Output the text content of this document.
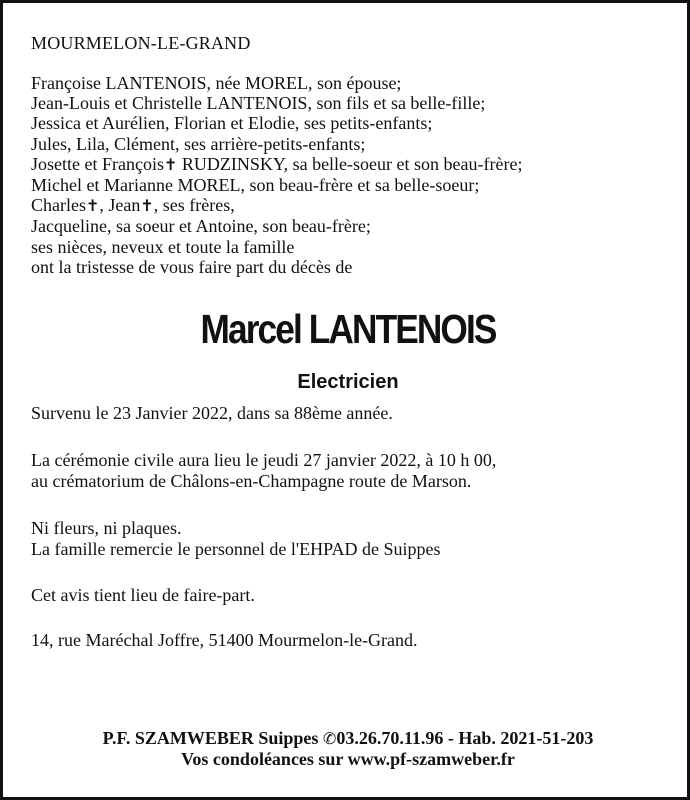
MOURMELON-LE-GRAND
Françoise LANTENOIS, née MOREL, son épouse;
Jean-Louis et Christelle LANTENOIS, son fils et sa belle-fille;
Jessica et Aurélien, Florian et Elodie, ses petits-enfants;
Jules, Lila, Clément, ses arrière-petits-enfants;
Josette et François✝ RUDZINSKY, sa belle-soeur et son beau-frère;
Michel et Marianne MOREL, son beau-frère et sa belle-soeur;
Charles✝, Jean✝, ses frères,
Jacqueline, sa soeur et Antoine, son beau-frère;
ses nièces, neveux et toute la famille
ont la tristesse de vous faire part du décès de
Marcel LANTENOIS
Electricien
Survenu le 23 Janvier 2022, dans sa 88ème année.
La cérémonie civile aura lieu le jeudi 27 janvier 2022, à 10 h 00,
au crématorium de Châlons-en-Champagne route de Marson.
Ni fleurs, ni plaques.
La famille remercie le personnel de l'EHPAD de Suippes
Cet avis tient lieu de faire-part.
14, rue Maréchal Joffre, 51400 Mourmelon-le-Grand.
P.F. SZAMWEBER Suippes ✆03.26.70.11.96 - Hab. 2021-51-203
Vos condoléances sur www.pf-szamweber.fr
